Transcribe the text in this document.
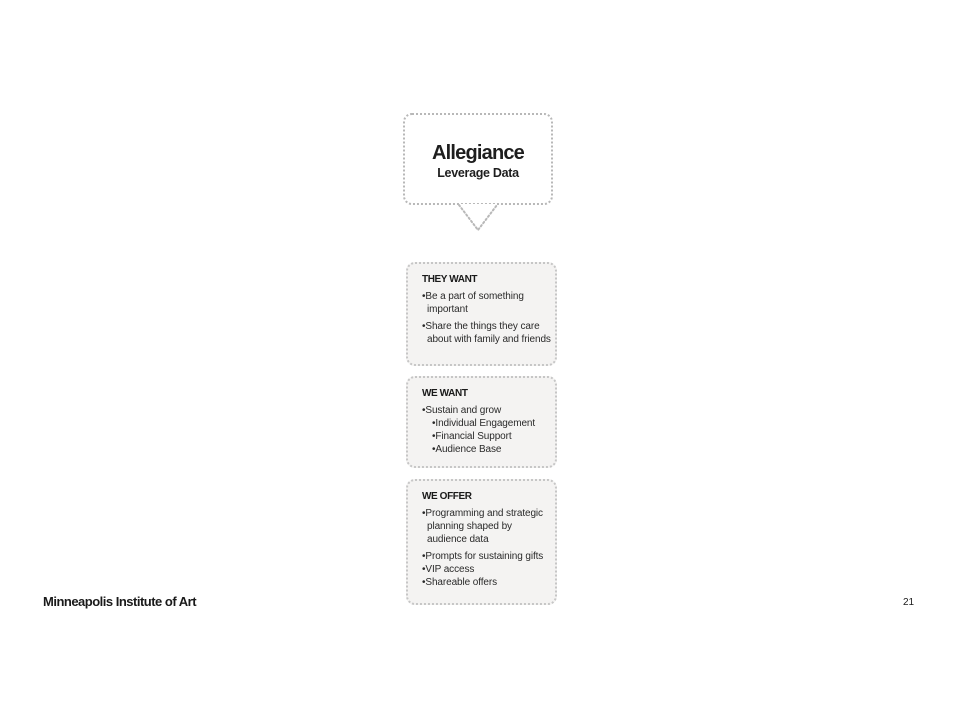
Allegiance
Leverage Data
THEY WANT
•Be a part of something important
•Share the things they care about with family and friends
WE WANT
•Sustain and grow
•Individual Engagement
•Financial Support
•Audience Base
WE OFFER
•Programming and strategic planning shaped by audience data
•Prompts for sustaining gifts
•VIP access
•Shareable offers
Minneapolis Institute of Art	21
